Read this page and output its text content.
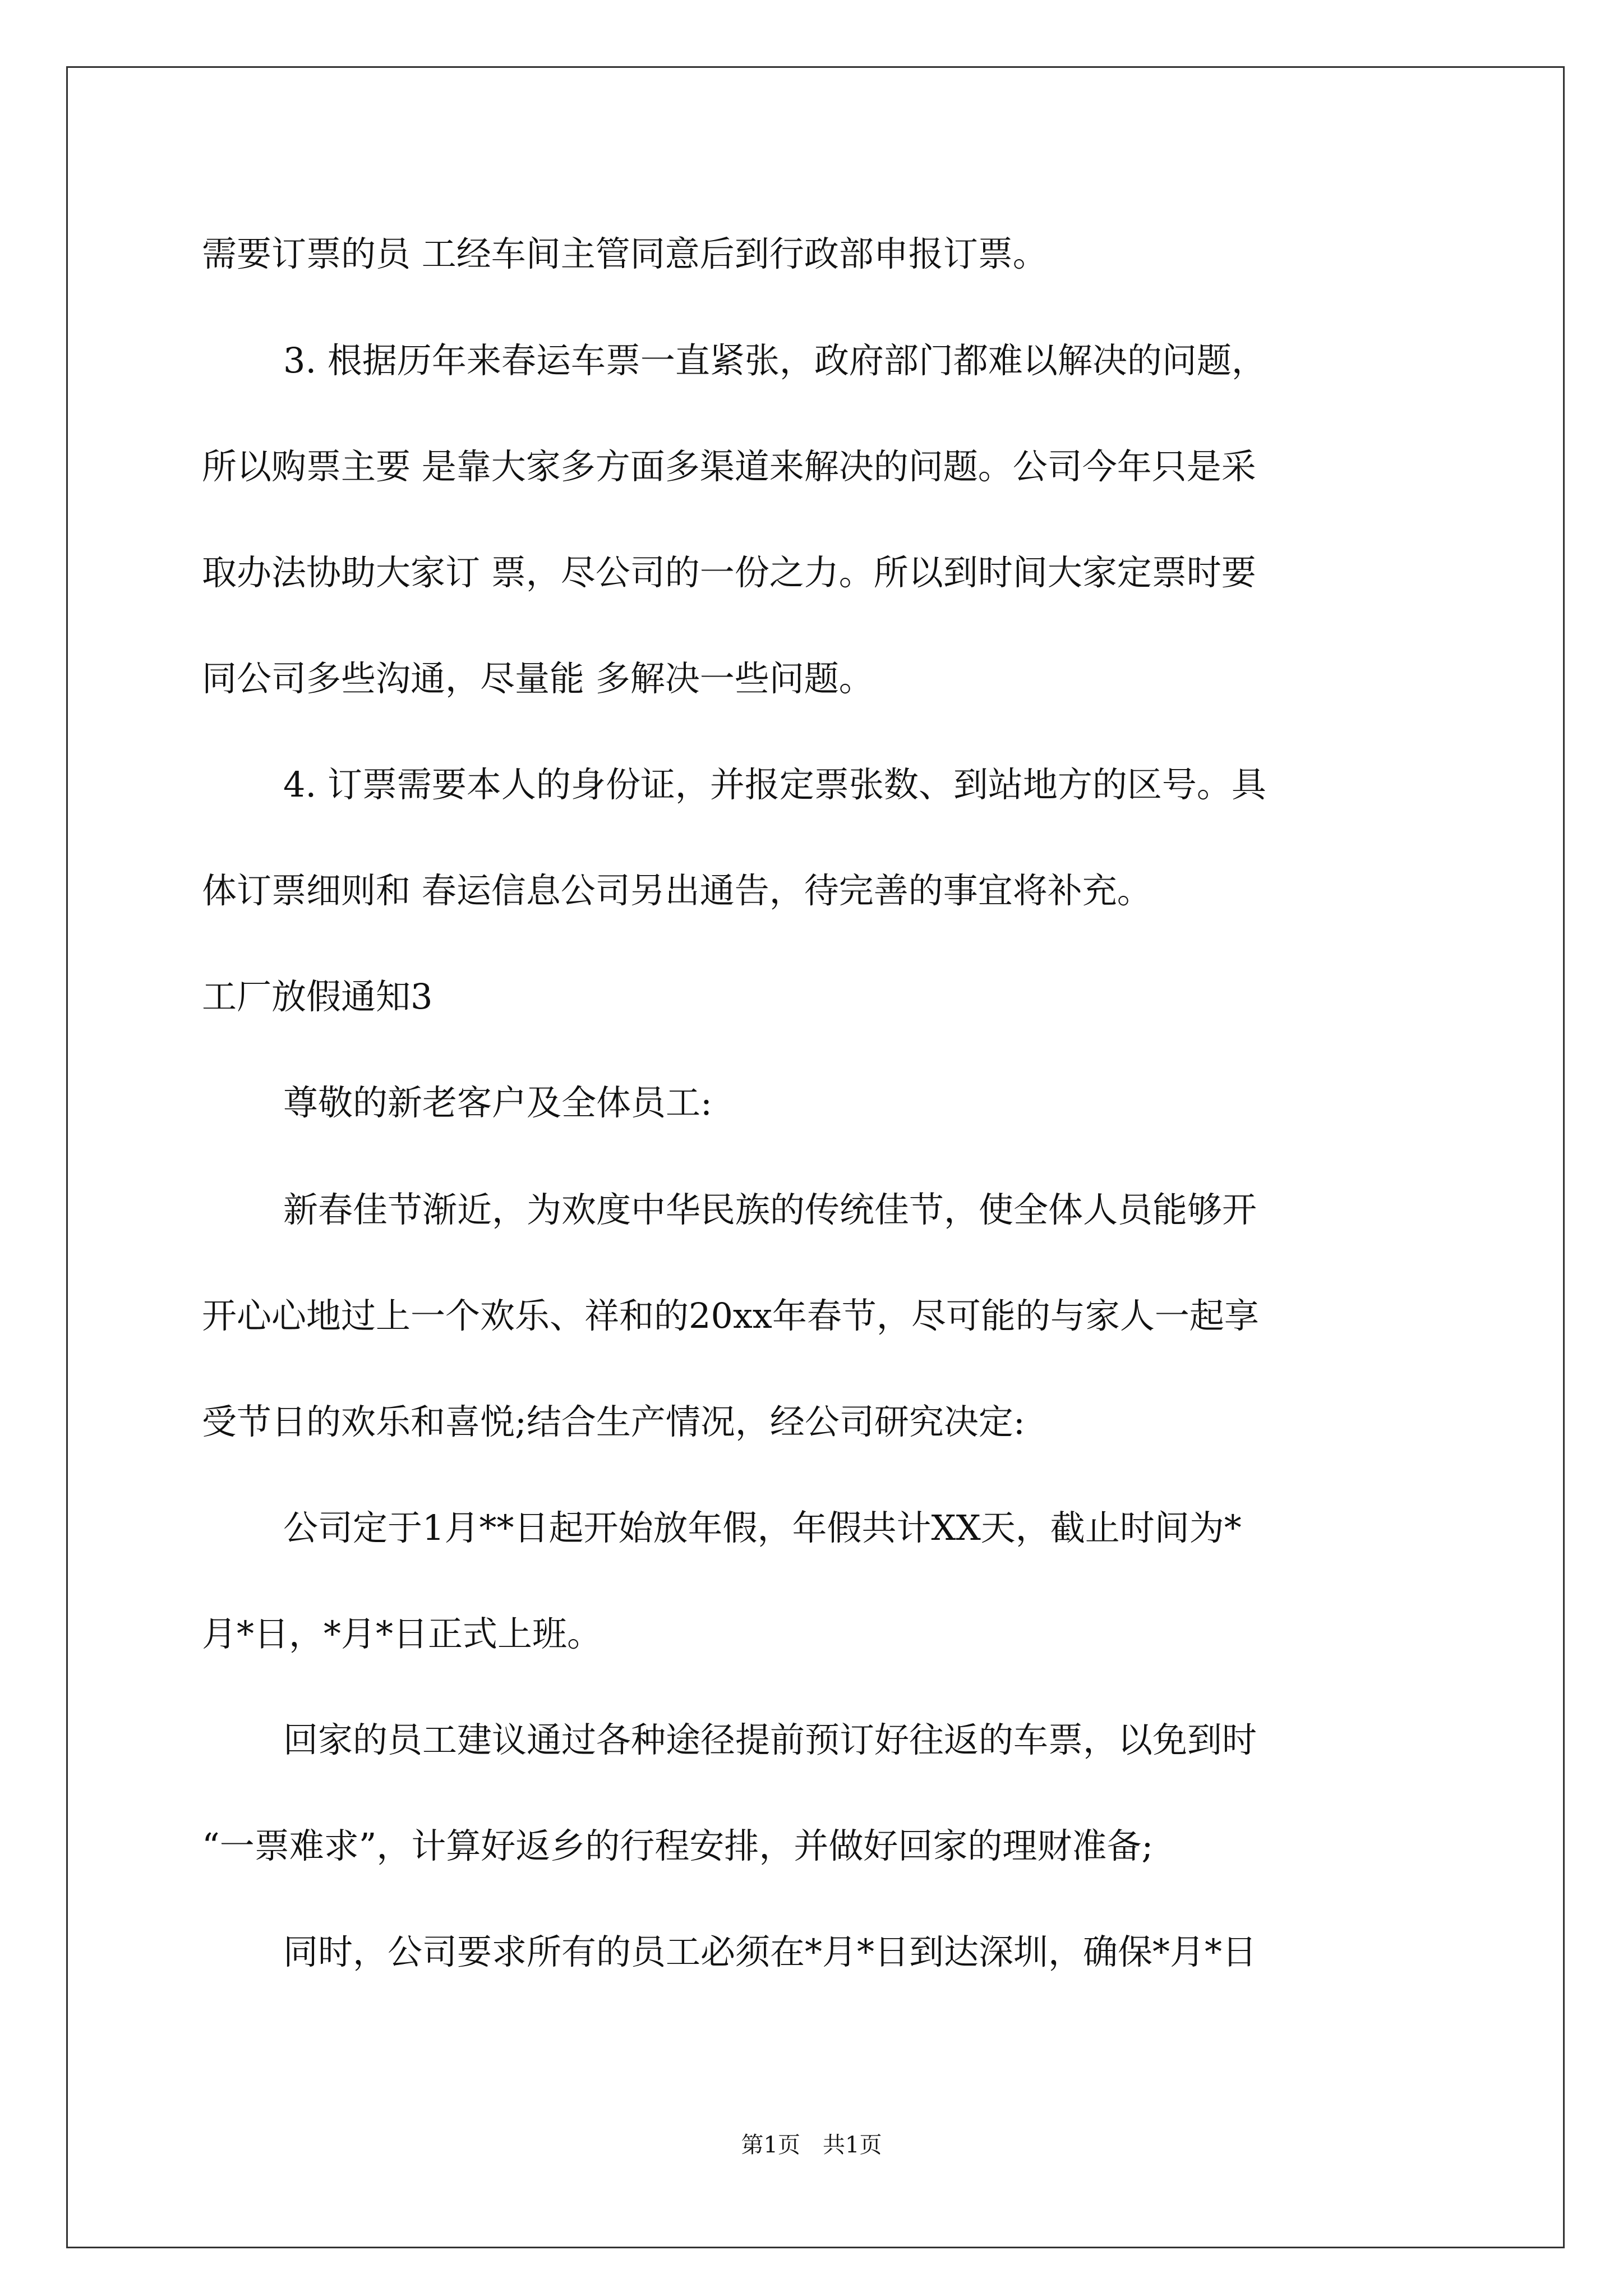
需要订票的员 工经车间主管同意后到行政部申报订票。
3. 根据历年来春运车票一直紧张，政府部门都难以解决的问题，
所以购票主要 是靠大家多方面多渠道来解决的问题。公司今年只是采
取办法协助大家订 票，尽公司的一份之力。所以到时间大家定票时要
同公司多些沟通，尽量能 多解决一些问题。
4. 订票需要本人的身份证，并报定票张数、到站地方的区号。具
体订票细则和 春运信息公司另出通告，待完善的事宜将补充。
工厂放假通知3
尊敬的新老客户及全体员工:
新春佳节渐近，为欢度中华民族的传统佳节，使全体人员能够开
开心心地过上一个欢乐、祥和的20xx年春节，尽可能的与家人一起享
受节日的欢乐和喜悦;结合生产情况，经公司研究决定:
公司定于1月**日起开始放年假，年假共计XX天，截止时间为*
月*日，*月*日正式上班。
回家的员工建议通过各种途径提前预订好往返的车票，以免到时
“一票难求”，计算好返乡的行程安排，并做好回家的理财准备;
同时，公司要求所有的员工必须在*月*日到达深圳，确保*月*日
第1页　共1页
